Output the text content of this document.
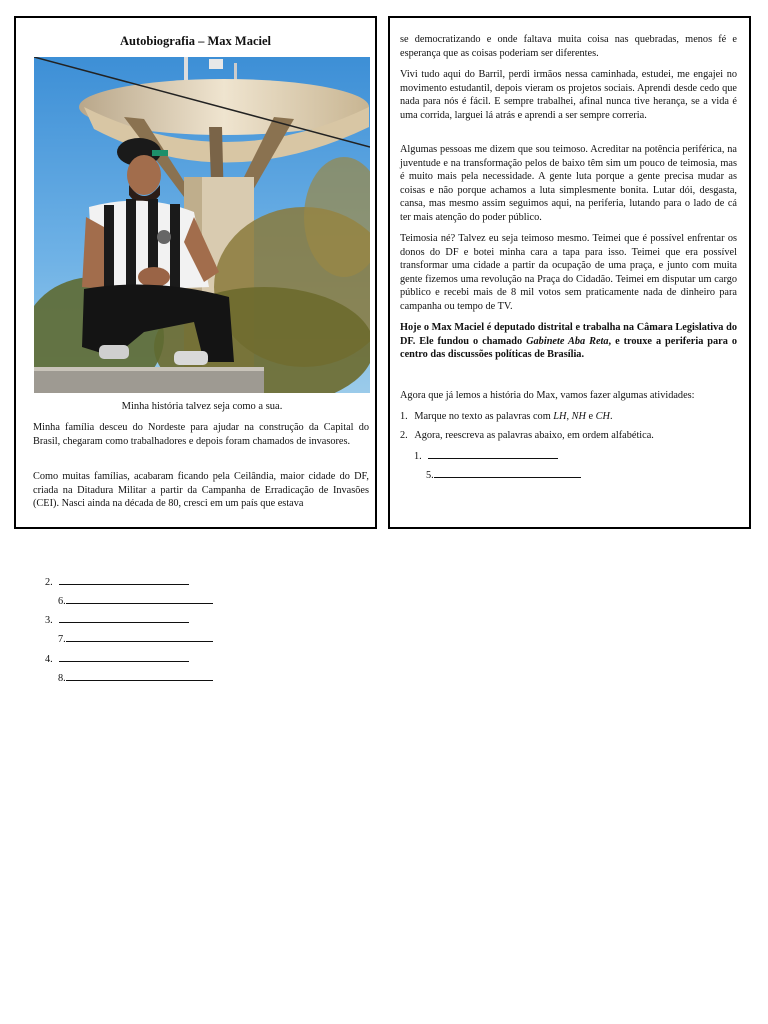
Autobiografia – Max Maciel
Minha história talvez seja como a sua.

Minha família desceu do Nordeste para ajudar na construção da Capital do Brasil, chegaram como trabalhadores e depois foram chamados de invasores.

Como muitas famílias, acabaram ficando pela Ceilândia, maior cidade do DF, criada na Ditadura Militar a partir da Campanha de Erradicação de Invasões (CEI). Nasci ainda na década de 80, cresci em um país que estava

se democratizando e onde faltava muita coisa nas quebradas, menos fé e esperança que as coisas poderiam ser diferentes.

Vivi tudo aqui do Barril, perdi irmãos nessa caminhada, estudei, me engajei no movimento estudantil, depois vieram os projetos sociais. Aprendi desde cedo que nada para nós é fácil. E sempre trabalhei, afinal nunca tive herança, se a vida é uma corrida, larguei lá atrás e aprendi a ser sempre correria.

Algumas pessoas me dizem que sou teimoso. Acreditar na potência periférica, na juventude e na transformação pelos de baixo têm sim um pouco de teimosia, mas é muito mais pela necessidade. A gente luta porque a gente precisa mudar as coisas e não porque achamos a luta simplesmente bonita. Lutar dói, desgasta, cansa, mas mesmo assim seguimos aqui, na periferia, lutando para o lado de cá ter mais atenção do poder público.

Teimosia né? Talvez eu seja teimoso mesmo. Teimei que é possível enfrentar os donos do DF e botei minha cara a tapa para isso. Teimei que era possível transformar uma cidade a partir da ocupação de uma praça, e junto com muita gente fizemos uma revolução na Praça do Cidadão. Teimei em disputar um cargo público e recebi mais de 8 mil votos sem praticamente nada de dinheiro para campanha ou tempo de TV.

Hoje o Max Maciel é deputado distrital e trabalha na Câmara Legislativa do DF. Ele fundou o chamado Gabinete Aba Reta, e trouxe a periferia para o centro das discussões políticas de Brasília.

Agora que já lemos a história do Max, vamos fazer algumas atividades:
1. Marque no texto as palavras com LH, NH e CH.
2. Agora, reescreva as palavras abaixo, em ordem alfabética.
1.
5.
2.
6.
3.
7.
4.
8.
